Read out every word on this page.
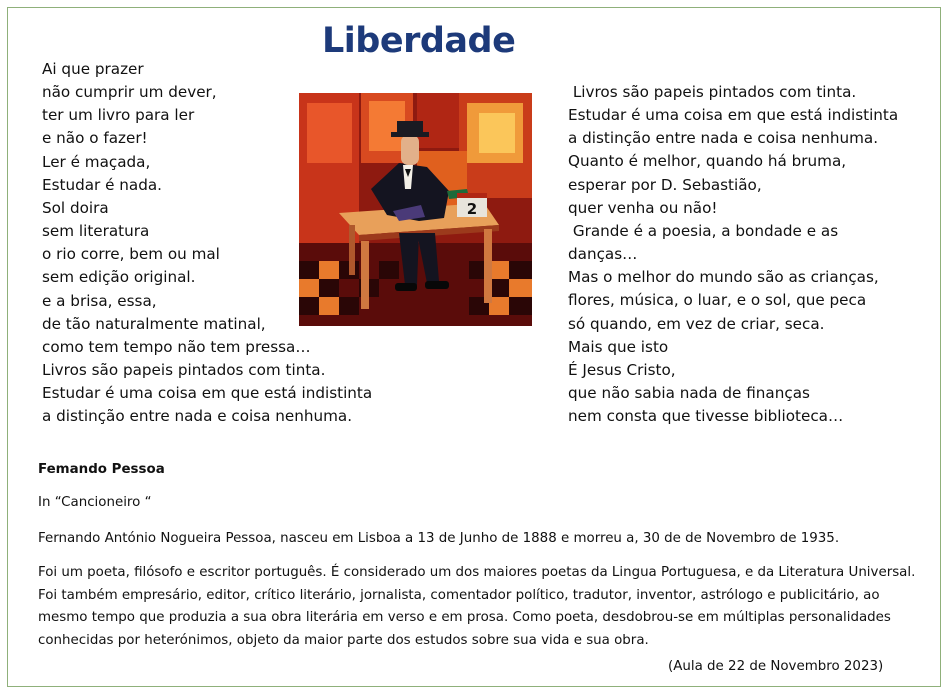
Liberdade
Ai que prazer
não cumprir um dever,
ter um livro para ler
e não o fazer!
Ler é maçada,
Estudar é nada.
Sol doira
sem literatura
o rio corre, bem ou mal
sem edição original.
e a brisa, essa,
de tão naturalmente matinal,
como tem tempo não tem pressa…
Livros são papeis pintados com tinta.
Estudar é uma coisa em que está indistinta
a distinção entre nada e coisa nenhuma.
2
Livros são papeis pintados com tinta.
Estudar é uma coisa em que está indistinta
a distinção entre nada e coisa nenhuma.
Quanto é melhor, quando há bruma,
esperar por D. Sebastião,
quer venha ou não!
Grande é a poesia, a bondade e as
danças…
Mas o melhor do mundo são as crianças,
flores, música, o luar, e o sol, que peca
só quando, em vez de criar, seca.
Mais que isto
É Jesus Cristo,
que não sabia nada de finanças
nem consta que tivesse biblioteca…

Femando Pessoa

In “Cancioneiro “

Fernando António Nogueira Pessoa, nasceu em Lisboa a 13 de Junho de 1888 e morreu a, 30 de de Novembro de 1935.

Foi um poeta, filósofo e escritor português. É considerado um dos maiores poetas da Lingua Portuguesa, e da Literatura Universal.
Foi também empresário, editor, crítico literário, jornalista, comentador político, tradutor, inventor, astrólogo e publicitário, ao
mesmo tempo que produzia a sua obra literária em verso e em prosa. Como poeta, desdobrou-se em múltiplas personalidades
conhecidas por heterónimos, objeto da maior parte dos estudos sobre sua vida e sua obra.

(Aula de 22 de Novembro 2023)
